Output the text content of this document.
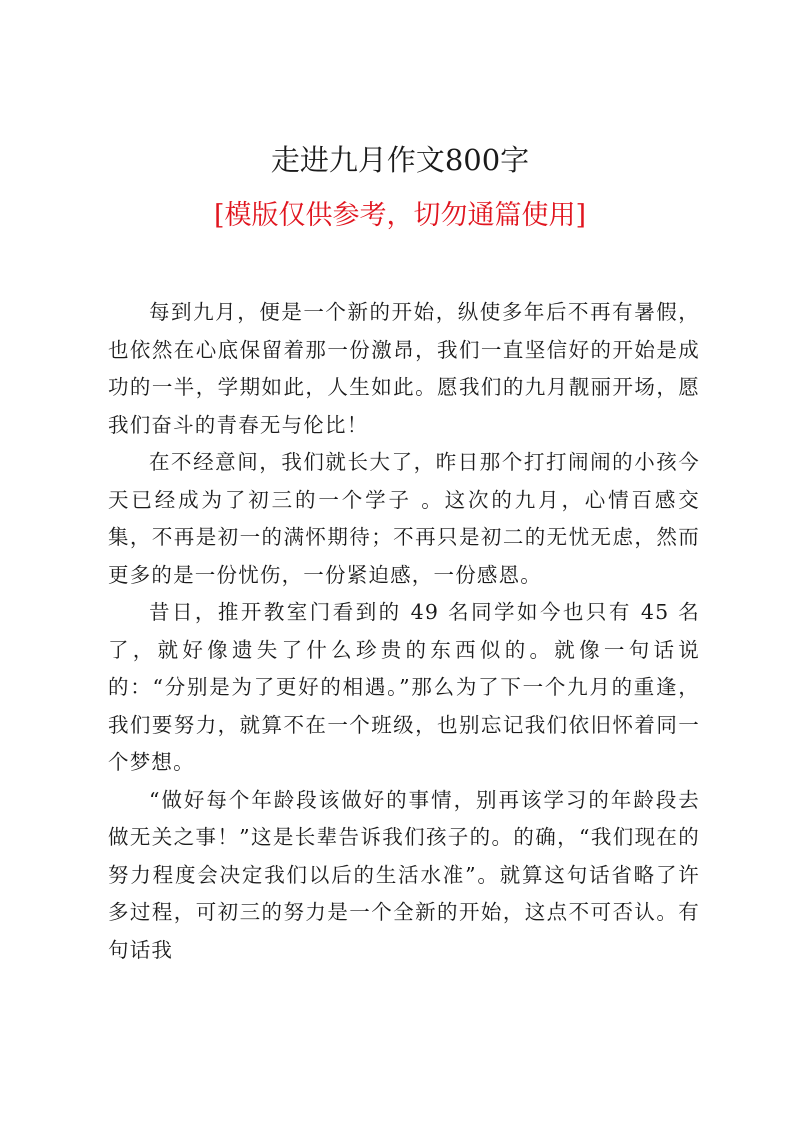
走进九月作文800字
[模版仅供参考，切勿通篇使用]

每到九月，便是一个新的开始，纵使多年后不再有暑假，也依然在心底保留着那一份激昂，我们一直坚信好的开始是成功的一半，学期如此，人生如此。愿我们的九月靓丽开场，愿我们奋斗的青春无与伦比！

在不经意间，我们就长大了，昨日那个打打闹闹的小孩今天已经成为了初三的一个学子 。这次的九月，心情百感交集，不再是初一的满怀期待；不再只是初二的无忧无虑，然而更多的是一份忧伤，一份紧迫感，一份感恩。

昔日，推开教室门看到的 49 名同学如今也只有 45 名了，就好像遗失了什么珍贵的东西似的。就像一句话说的：“分别是为了更好的相遇。”那么为了下一个九月的重逢，我们要努力，就算不在一个班级，也别忘记我们依旧怀着同一个梦想。

“做好每个年龄段该做好的事情，别再该学习的年龄段去做无关之事！”这是长辈告诉我们孩子的。的确，“我们现在的努力程度会决定我们以后的生活水准”。就算这句话省略了许多过程，可初三的努力是一个全新的开始，这点不可否认。有句话我
